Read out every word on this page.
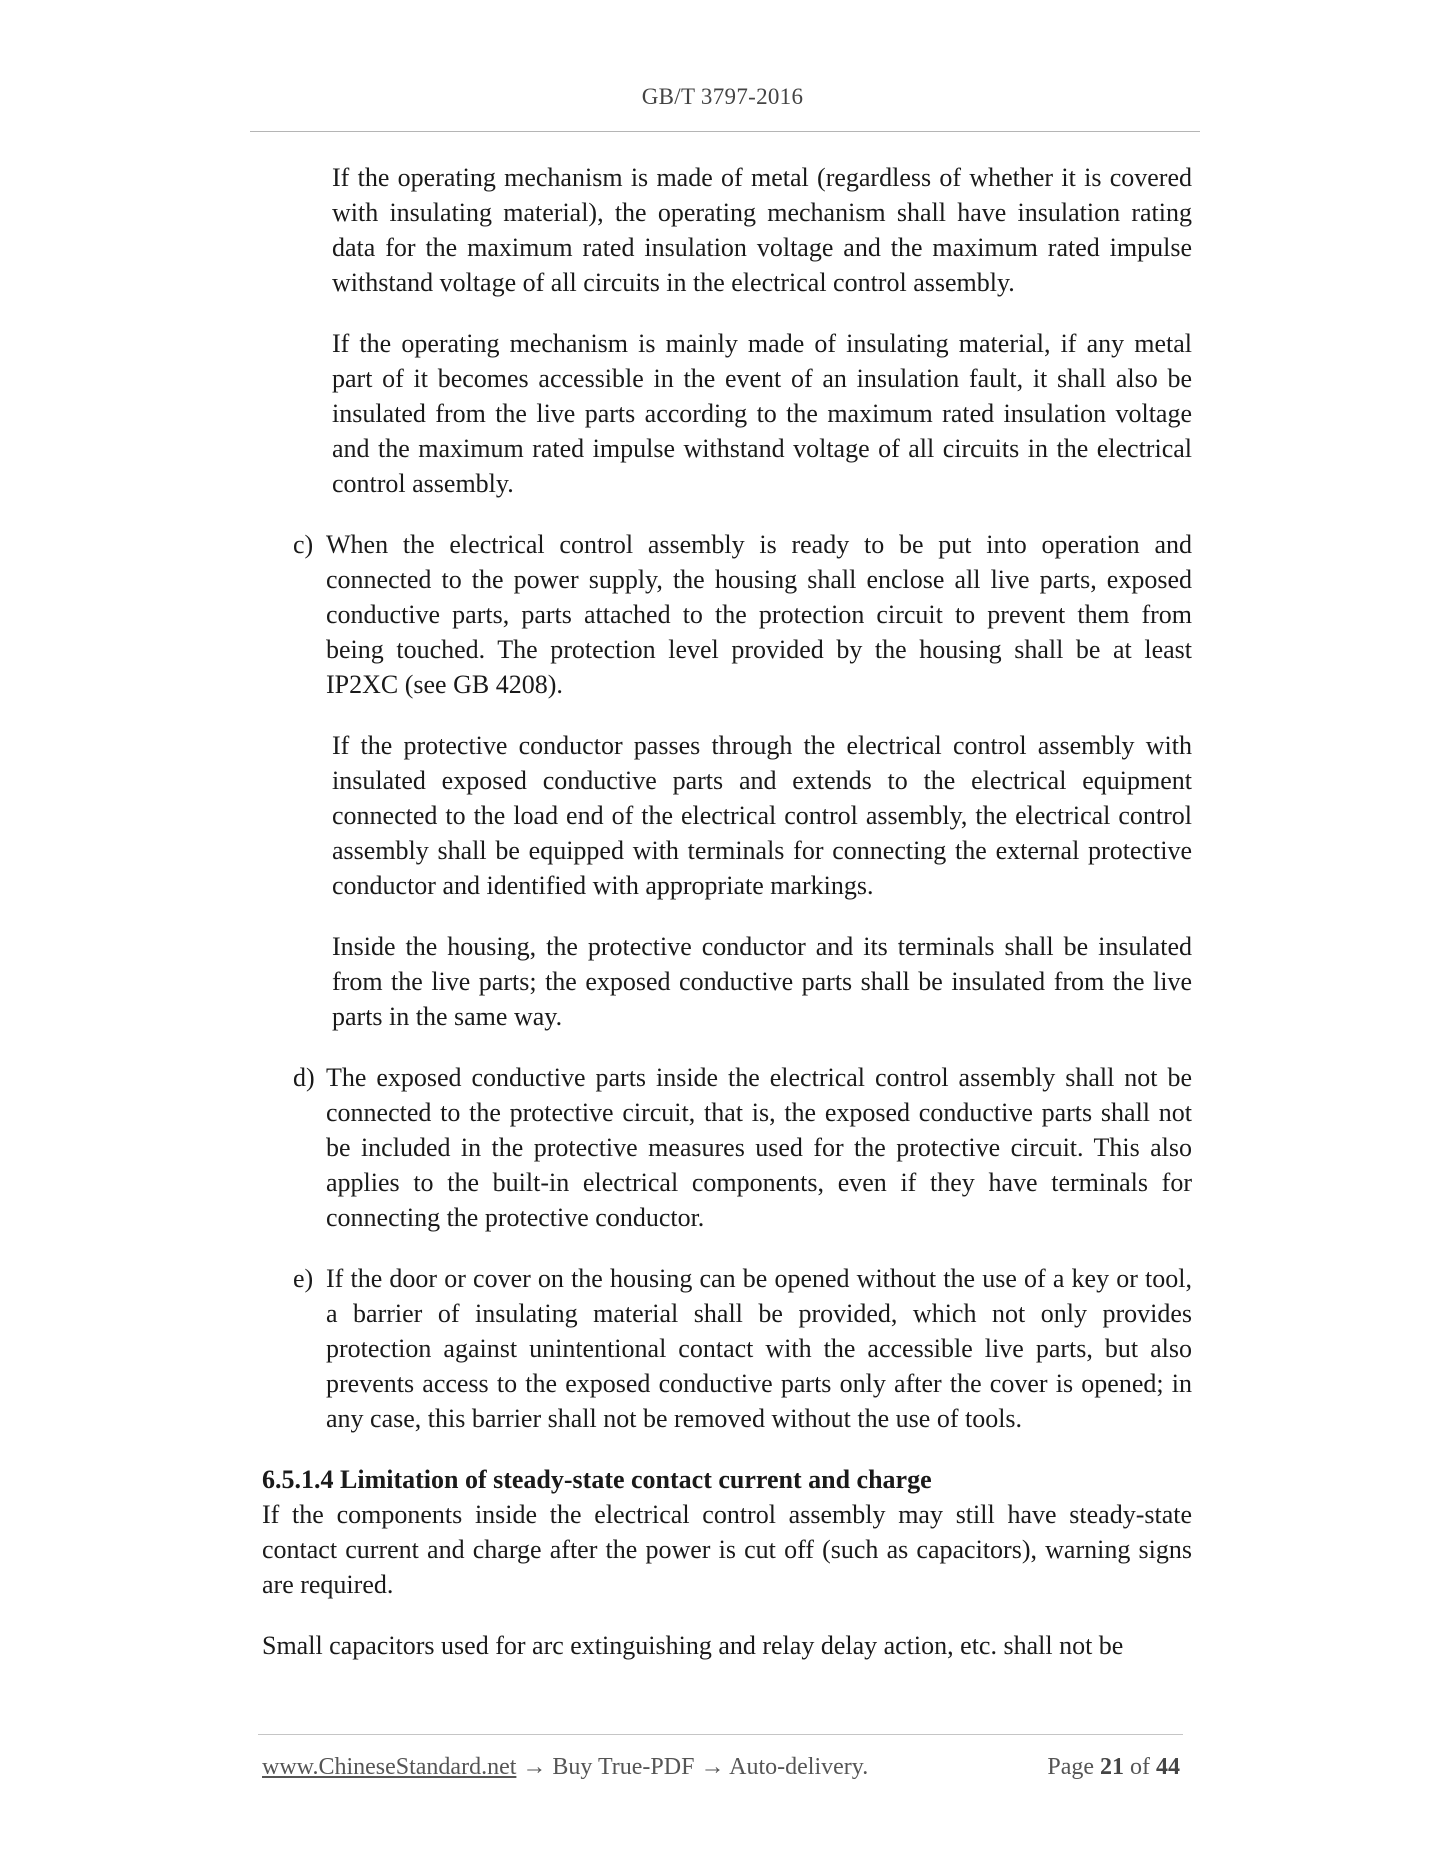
GB/T 3797-2016

If the operating mechanism is made of metal (regardless of whether it is covered with insulating material), the operating mechanism shall have insulation rating data for the maximum rated insulation voltage and the maximum rated impulse withstand voltage of all circuits in the electrical control assembly.

If the operating mechanism is mainly made of insulating material, if any metal part of it becomes accessible in the event of an insulation fault, it shall also be insulated from the live parts according to the maximum rated insulation voltage and the maximum rated impulse withstand voltage of all circuits in the electrical control assembly.

c) When the electrical control assembly is ready to be put into operation and connected to the power supply, the housing shall enclose all live parts, exposed conductive parts, parts attached to the protection circuit to prevent them from being touched. The protection level provided by the housing shall be at least IP2XC (see GB 4208).

If the protective conductor passes through the electrical control assembly with insulated exposed conductive parts and extends to the electrical equipment connected to the load end of the electrical control assembly, the electrical control assembly shall be equipped with terminals for connecting the external protective conductor and identified with appropriate markings.

Inside the housing, the protective conductor and its terminals shall be insulated from the live parts; the exposed conductive parts shall be insulated from the live parts in the same way.

d) The exposed conductive parts inside the electrical control assembly shall not be connected to the protective circuit, that is, the exposed conductive parts shall not be included in the protective measures used for the protective circuit. This also applies to the built-in electrical components, even if they have terminals for connecting the protective conductor.
e) If the door or cover on the housing can be opened without the use of a key or tool, a barrier of insulating material shall be provided, which not only provides protection against unintentional contact with the accessible live parts, but also prevents access to the exposed conductive parts only after the cover is opened; in any case, this barrier shall not be removed without the use of tools.

6.5.1.4 Limitation of steady-state contact current and charge

If the components inside the electrical control assembly may still have steady-state contact current and charge after the power is cut off (such as capacitors), warning signs are required.

Small capacitors used for arc extinguishing and relay delay action, etc. shall not be

www.ChineseStandard.net → Buy True-PDF → Auto-delivery.	Page 21 of 44
